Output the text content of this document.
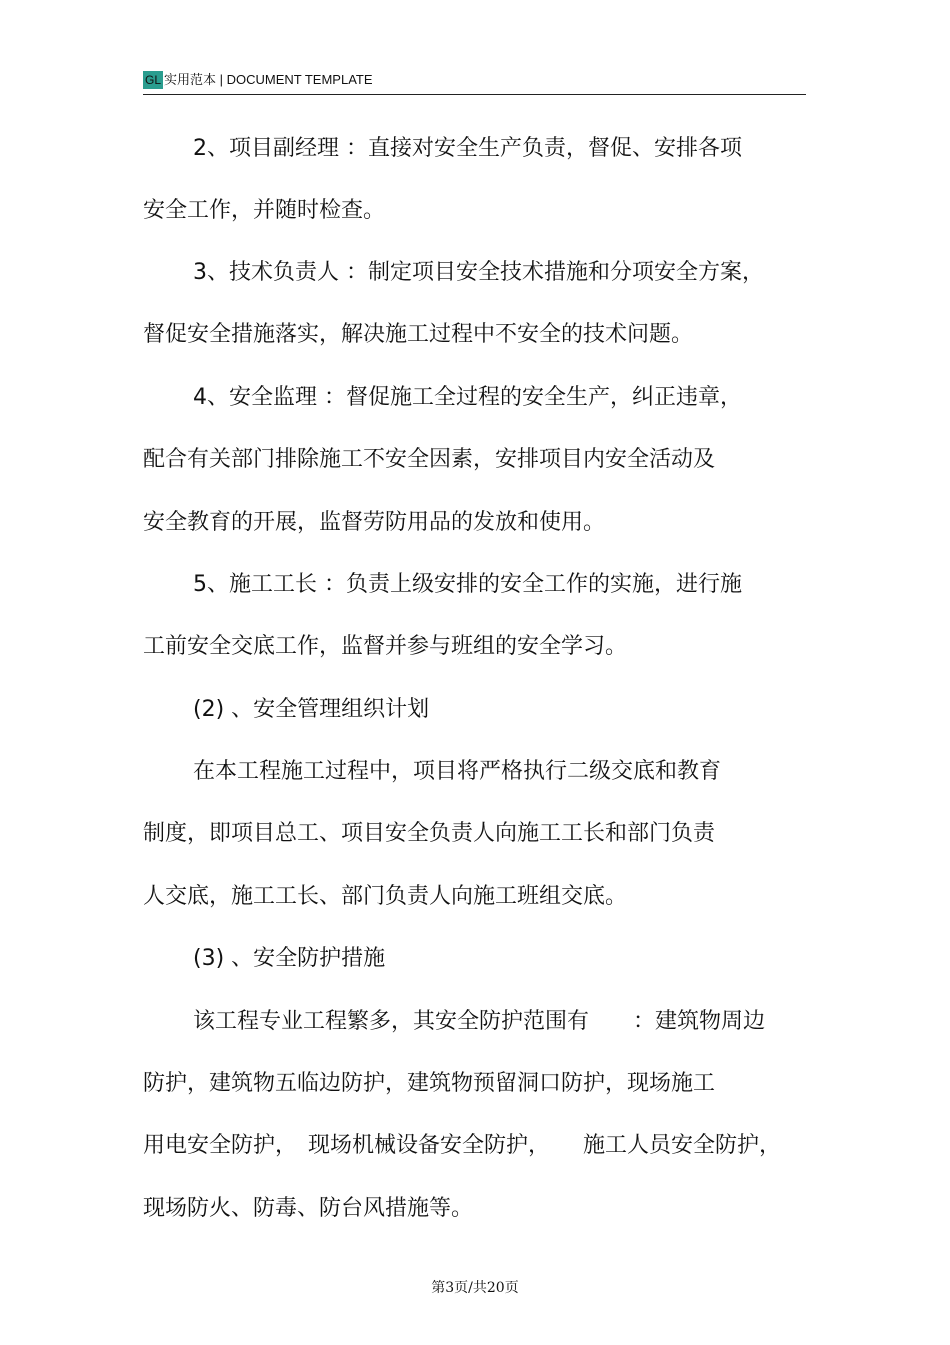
GL 实用范本 | DOCUMENT TEMPLATE
2、项目副经理 ：直接对安全生产负责，督促、安排各项
安全工作，并随时检查。
3、技术负责人 ：制定项目安全技术措施和分项安全方案，
督促安全措施落实，解决施工过程中不安全的技术问题。
4、安全监理 ：督促施工全过程的安全生产，纠正违章，
配合有关部门排除施工不安全因素，安排项目内安全活动及
安全教育的开展，监督劳防用品的发放和使用。
5、施工工长 ：负责上级安排的安全工作的实施，进行施
工前安全交底工作，监督并参与班组的安全学习。
(2) 、安全管理组织计划
在本工程施工过程中，项目将严格执行二级交底和教育
制度，即项目总工、项目安全负责人向施工工长和部门负责
人交底，施工工长、部门负责人向施工班组交底。
(3) 、安全防护措施
该工程专业工程繁多，其安全防护范围有　　：建筑物周边
防护，建筑物五临边防护，建筑物预留洞口防护，现场施工
用电安全防护，　现场机械设备安全防护，　　施工人员安全防护，
现场防火、防毒、防台风措施等。
第3页/共20页
